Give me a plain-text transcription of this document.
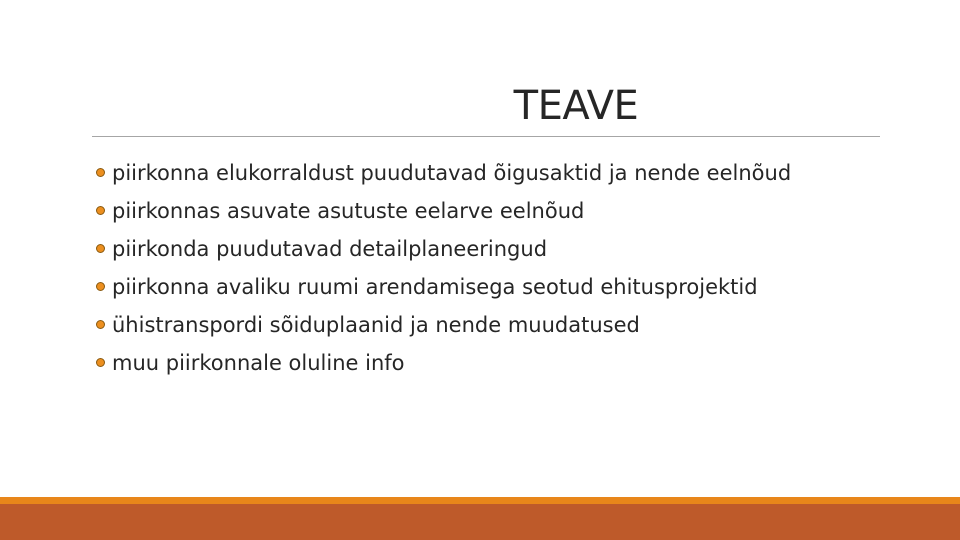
TEAVE
piirkonna elukorraldust puudutavad õigusaktid ja nende eelnõud
piirkonnas asuvate asutuste eelarve eelnõud
piirkonda puudutavad detailplaneeringud
piirkonna avaliku ruumi arendamisega seotud ehitusprojektid
ühistranspordi sõiduplaanid ja nende muudatused
muu piirkonnale oluline info
